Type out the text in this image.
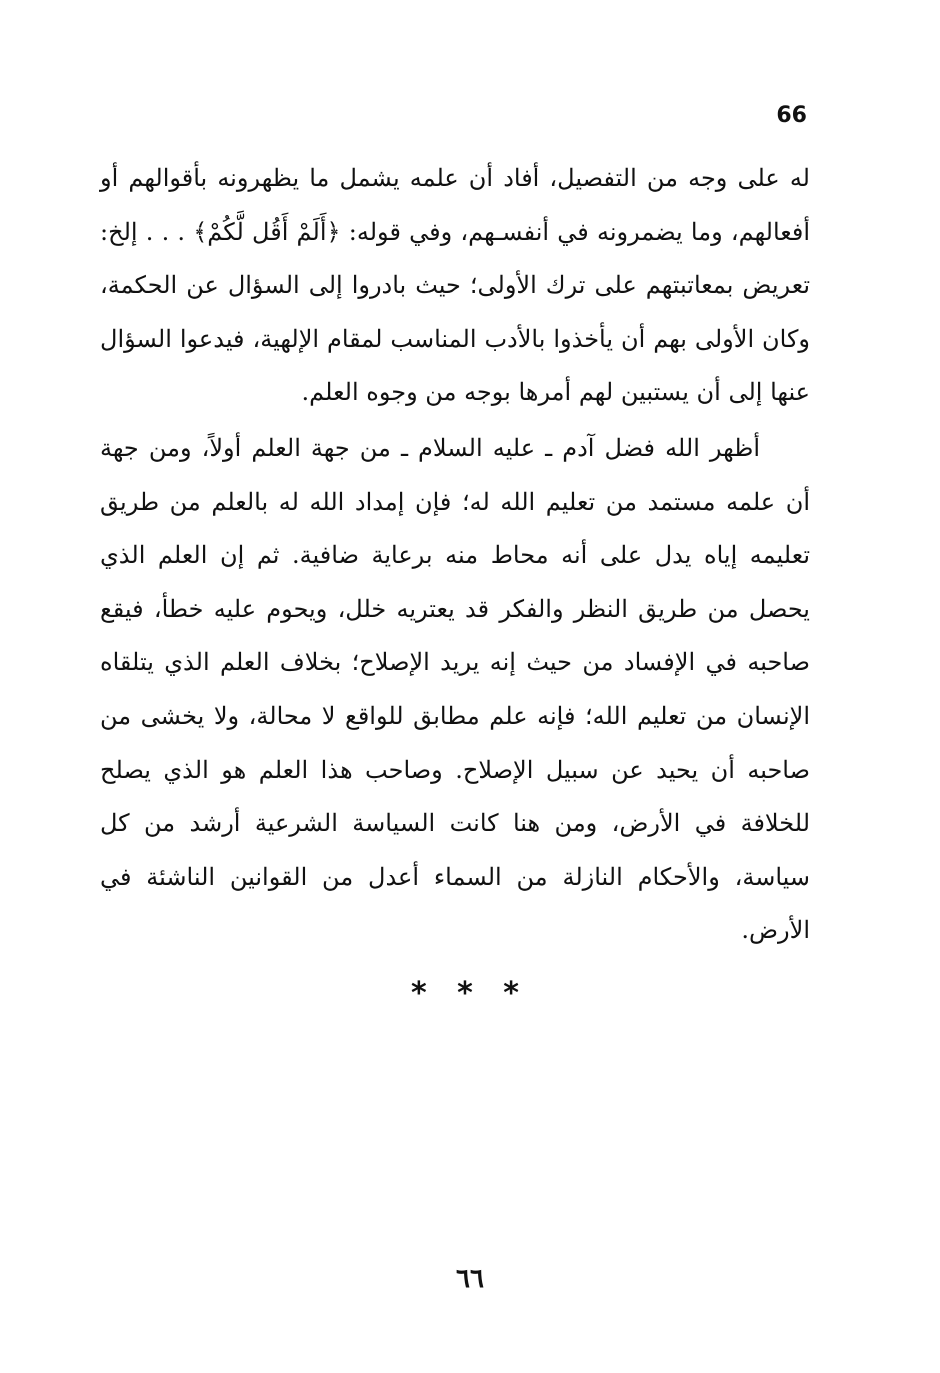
66

له على وجه من التفصيل، أفاد أن علمه يشمل ما يظهرونه بأقوالهم أو أفعالهم، وما يضمرونه في أنفسـهم، وفي قوله: ﴿أَلَمْ أَقُل لَّكُمْ﴾ . . . إلخ: تعريض بمعاتبتهم على ترك الأولى؛ حيث بادروا إلى السؤال عن الحكمة، وكان الأولى بهم أن يأخذوا بالأدب المناسب لمقام الإلهية، فيدعوا السؤال عنها إلى أن يستبين لهم أمرها بوجه من وجوه العلم.

أظهر الله فضل آدم ـ عليه السلام ـ من جهة العلم أولاً، ومن جهة أن علمه مستمد من تعليم الله له؛ فإن إمداد الله له بالعلم من طريق تعليمه إياه يدل على أنه محاط منه برعاية ضافية. ثم إن العلم الذي يحصل من طريق النظر والفكر قد يعتريه خلل، ويحوم عليه خطأ، فيقع صاحبه في الإفساد من حيث إنه يريد الإصلاح؛ بخلاف العلم الذي يتلقاه الإنسان من تعليم الله؛ فإنه علم مطابق للواقع لا محالة، ولا يخشى من صاحبه أن يحيد عن سبيل الإصلاح. وصاحب هذا العلم هو الذي يصلح للخلافة في الأرض، ومن هنا كانت السياسة الشرعية أرشد من كل سياسة، والأحكام النازلة من السماء أعدل من القوانين الناشئة في الأرض.

* * *
٦٦
